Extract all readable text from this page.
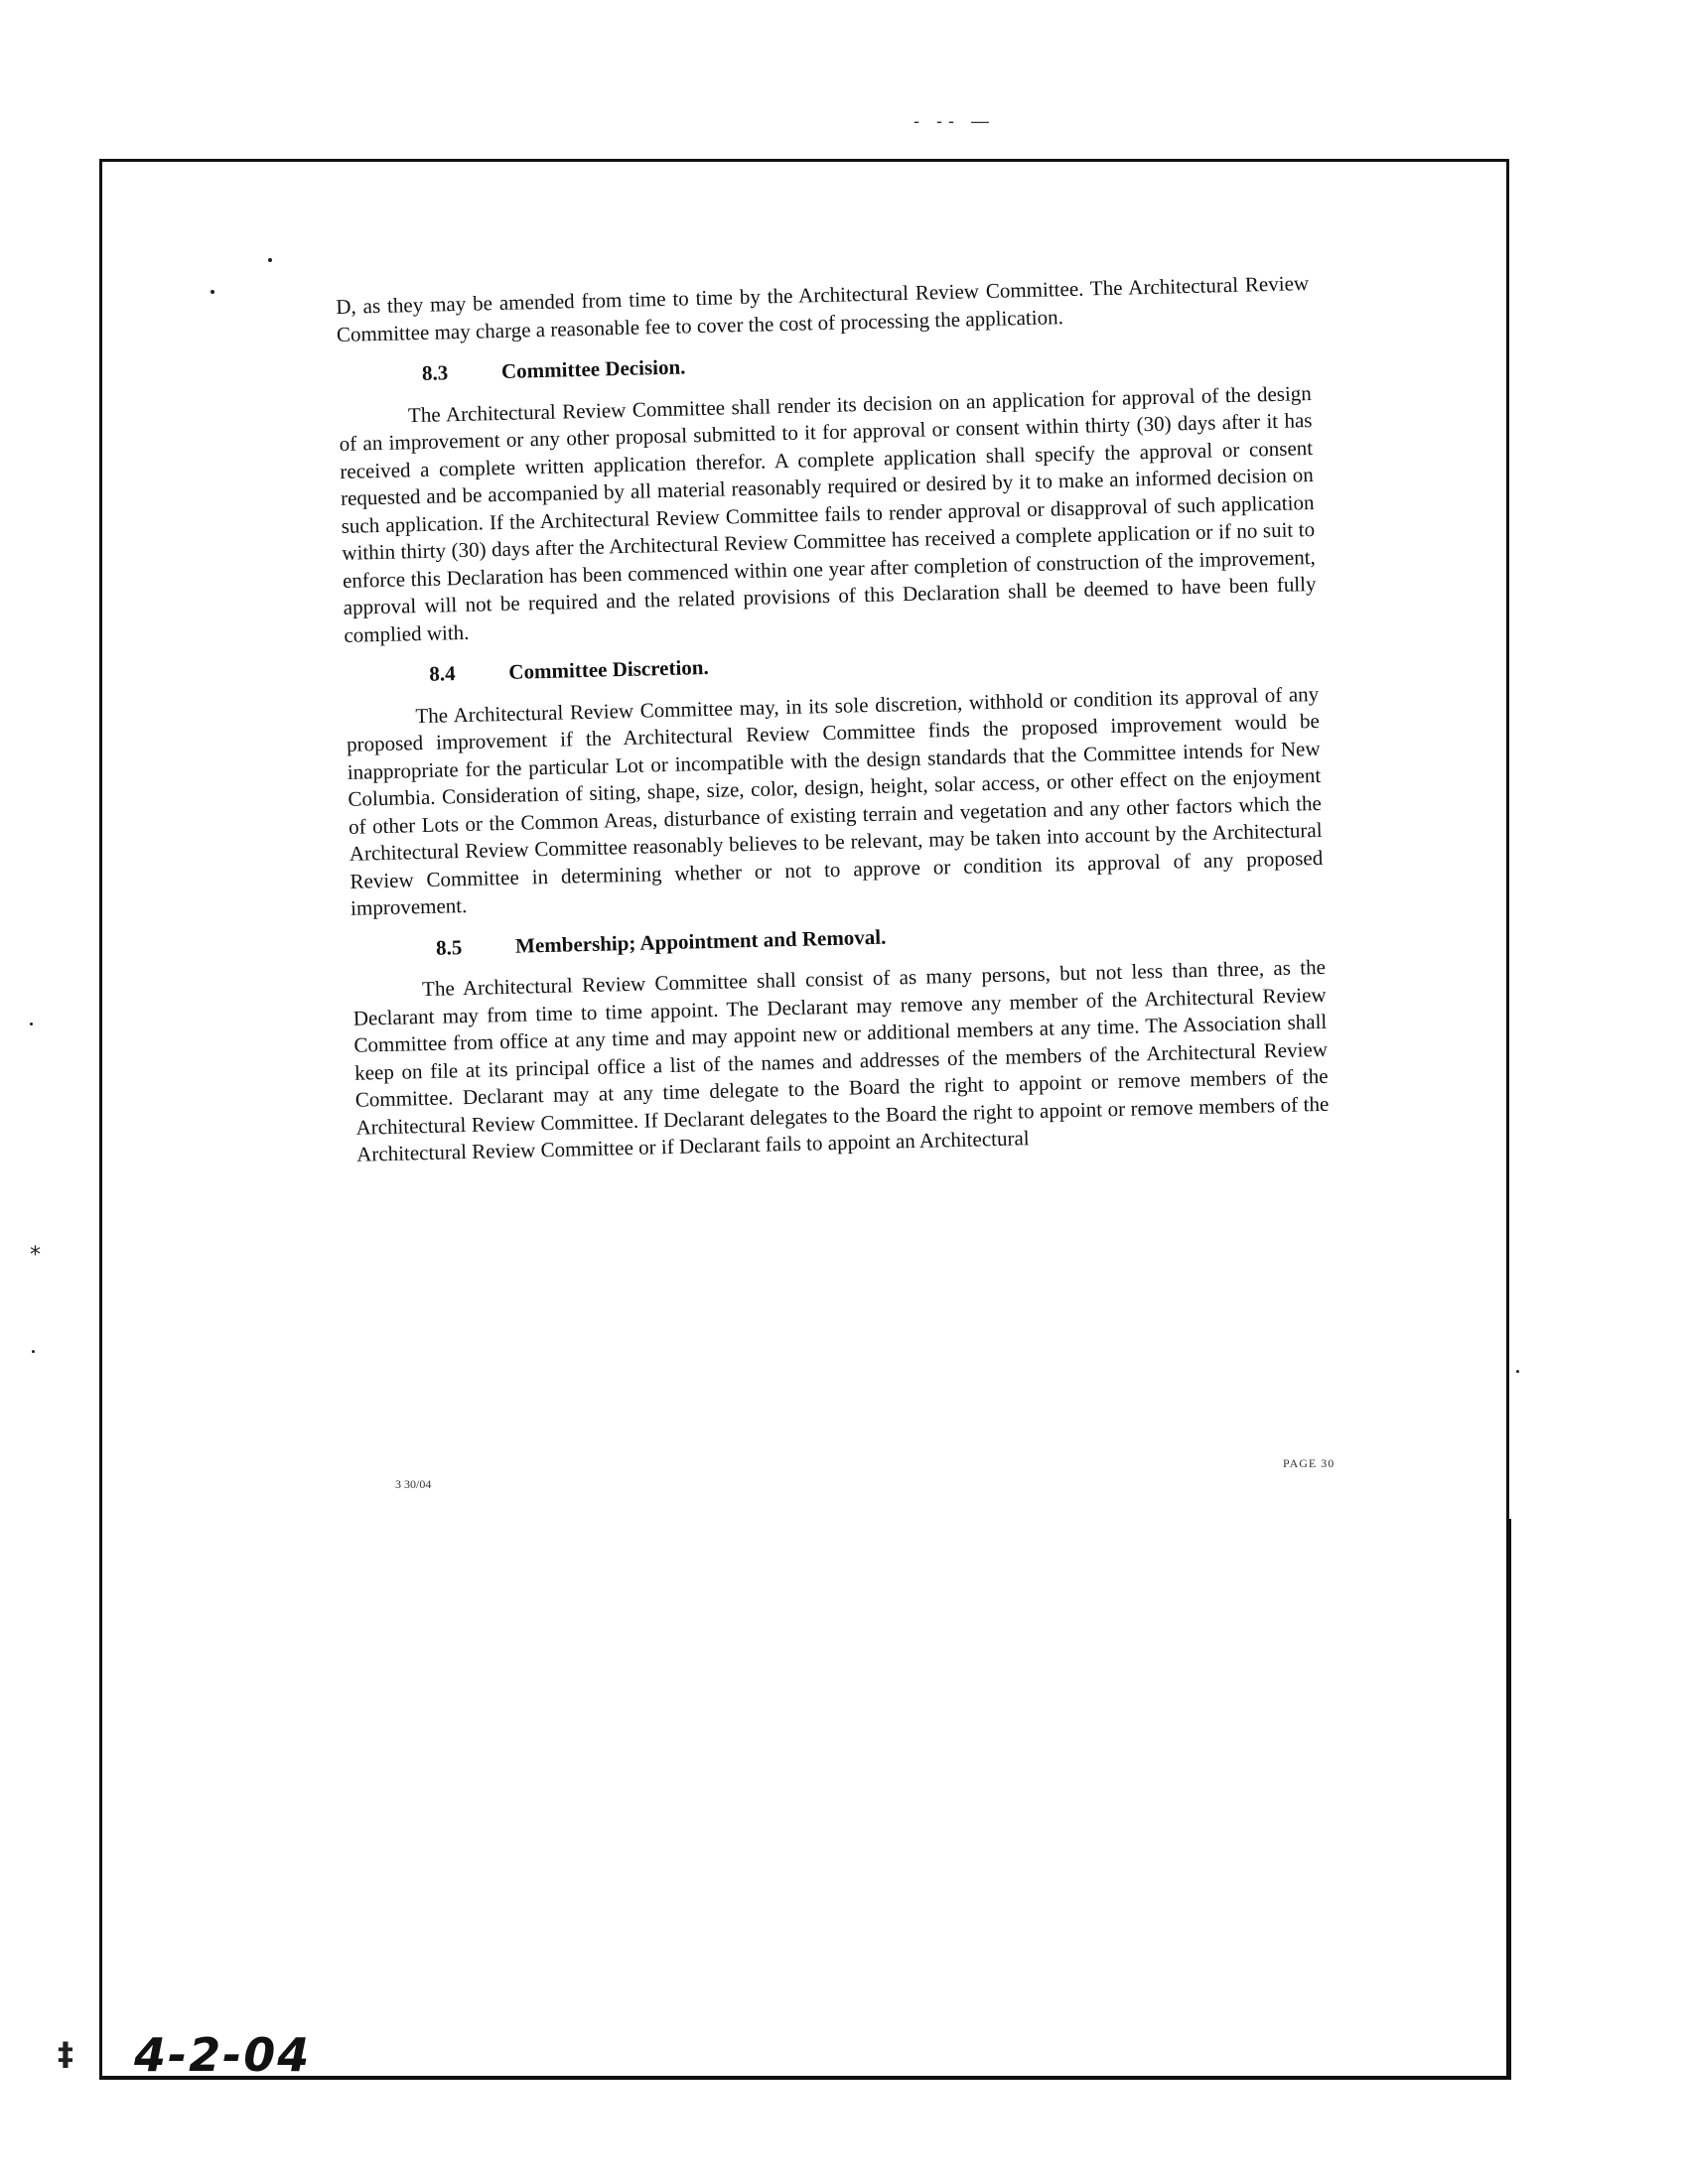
- -- —
*
‡

D, as they may be amended from time to time by the Architectural Review Committee. The Architectural Review Committee may charge a reasonable fee to cover the cost of processing the application.

8.3	Committee Decision.

The Architectural Review Committee shall render its decision on an application for approval of the design of an improvement or any other proposal submitted to it for approval or consent within thirty (30) days after it has received a complete written application therefor. A complete application shall specify the approval or consent requested and be accompanied by all material reasonably required or desired by it to make an informed decision on such application. If the Architectural Review Committee fails to render approval or disapproval of such application within thirty (30) days after the Architectural Review Committee has received a complete application or if no suit to enforce this Declaration has been commenced within one year after completion of construction of the improvement, approval will not be required and the related provisions of this Declaration shall be deemed to have been fully complied with.

8.4	Committee Discretion.

The Architectural Review Committee may, in its sole discretion, withhold or condition its approval of any proposed improvement if the Architectural Review Committee finds the proposed improvement would be inappropriate for the particular Lot or incompatible with the design standards that the Committee intends for New Columbia. Consideration of siting, shape, size, color, design, height, solar access, or other effect on the enjoyment of other Lots or the Common Areas, disturbance of existing terrain and vegetation and any other factors which the Architectural Review Committee reasonably believes to be relevant, may be taken into account by the Architectural Review Committee in determining whether or not to approve or condition its approval of any proposed improvement.

8.5	Membership; Appointment and Removal.

The Architectural Review Committee shall consist of as many persons, but not less than three, as the Declarant may from time to time appoint. The Declarant may remove any member of the Architectural Review Committee from office at any time and may appoint new or additional members at any time. The Association shall keep on file at its principal office a list of the names and addresses of the members of the Architectural Review Committee. Declarant may at any time delegate to the Board the right to appoint or remove members of the Architectural Review Committee. If Declarant delegates to the Board the right to appoint or remove members of the Architectural Review Committee or if Declarant fails to appoint an Architectural

PAGE 30
3 30/04
4-2-04
